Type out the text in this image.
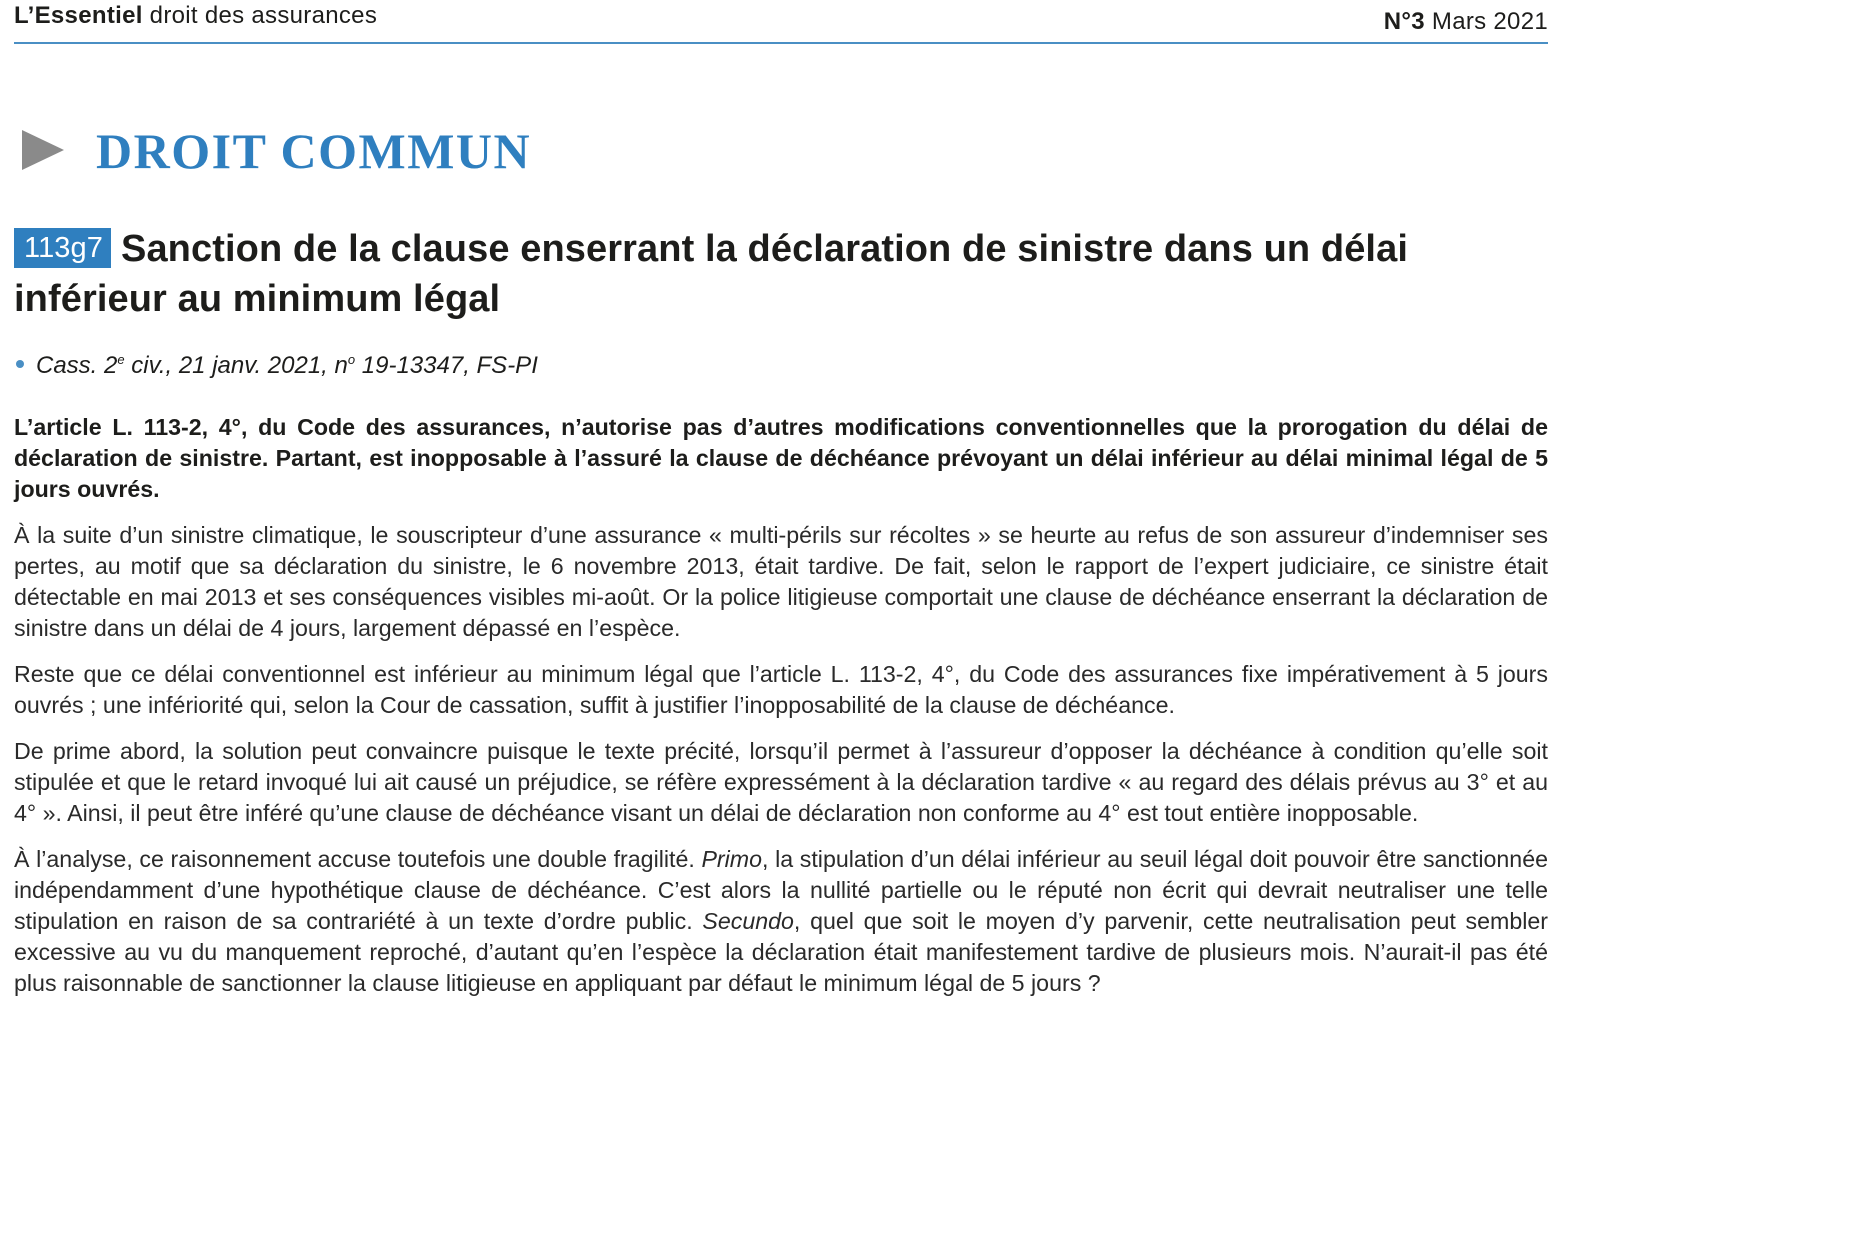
L’Essentiel droit des assurances	N°3 Mars 2021
DROIT COMMUN
113g7 Sanction de la clause enserrant la déclaration de sinistre dans un délai inférieur au minimum légal
Cass. 2e civ., 21 janv. 2021, $n^o$ 19-13347, FS-PI
L’article L. 113-2, 4°, du Code des assurances, n’autorise pas d’autres modifications conventionnelles que la prorogation du délai de déclaration de sinistre. Partant, est inopposable à l’assuré la clause de déchéance prévoyant un délai inférieur au délai minimal légal de 5 jours ouvrés.

À la suite d’un sinistre climatique, le souscripteur d’une assurance « multi-périls sur récoltes » se heurte au refus de son assureur d’indemniser ses pertes, au motif que sa déclaration du sinistre, le 6 novembre 2013, était tardive. De fait, selon le rapport de l’expert judiciaire, ce sinistre était détectable en mai 2013 et ses conséquences visibles mi-août. Or la police litigieuse comportait une clause de déchéance enserrant la déclaration de sinistre dans un délai de 4 jours, largement dépassé en l’espèce.

Reste que ce délai conventionnel est inférieur au minimum légal que l’article L. 113-2, 4°, du Code des assurances fixe impérativement à 5 jours ouvrés ; une infériorité qui, selon la Cour de cassation, suffit à justifier l’inopposabilité de la clause de déchéance.

De prime abord, la solution peut convaincre puisque le texte précité, lorsqu’il permet à l’assureur d’opposer la déchéance à condition qu’elle soit stipulée et que le retard invoqué lui ait causé un préjudice, se réfère expressément à la déclaration tardive « au regard des délais prévus au 3° et au 4° ». Ainsi, il peut être inféré qu’une clause de déchéance visant un délai de déclaration non conforme au 4° est tout entière inopposable.

À l’analyse, ce raisonnement accuse toutefois une double fragilité. Primo, la stipulation d’un délai inférieur au seuil légal doit pouvoir être sanctionnée indépendamment d’une hypothétique clause de déchéance. C’est alors la nullité partielle ou le réputé non écrit qui devrait neutraliser une telle stipulation en raison de sa contrariété à un texte d’ordre public. Secundo, quel que soit le moyen d’y parvenir, cette neutralisation peut sembler excessive au vu du manquement reproché, d’autant qu’en l’espèce la déclaration était manifestement tardive de plusieurs mois. N’aurait-il pas été plus raisonnable de sanctionner la clause litigieuse en appliquant par défaut le minimum légal de 5 jours ?
